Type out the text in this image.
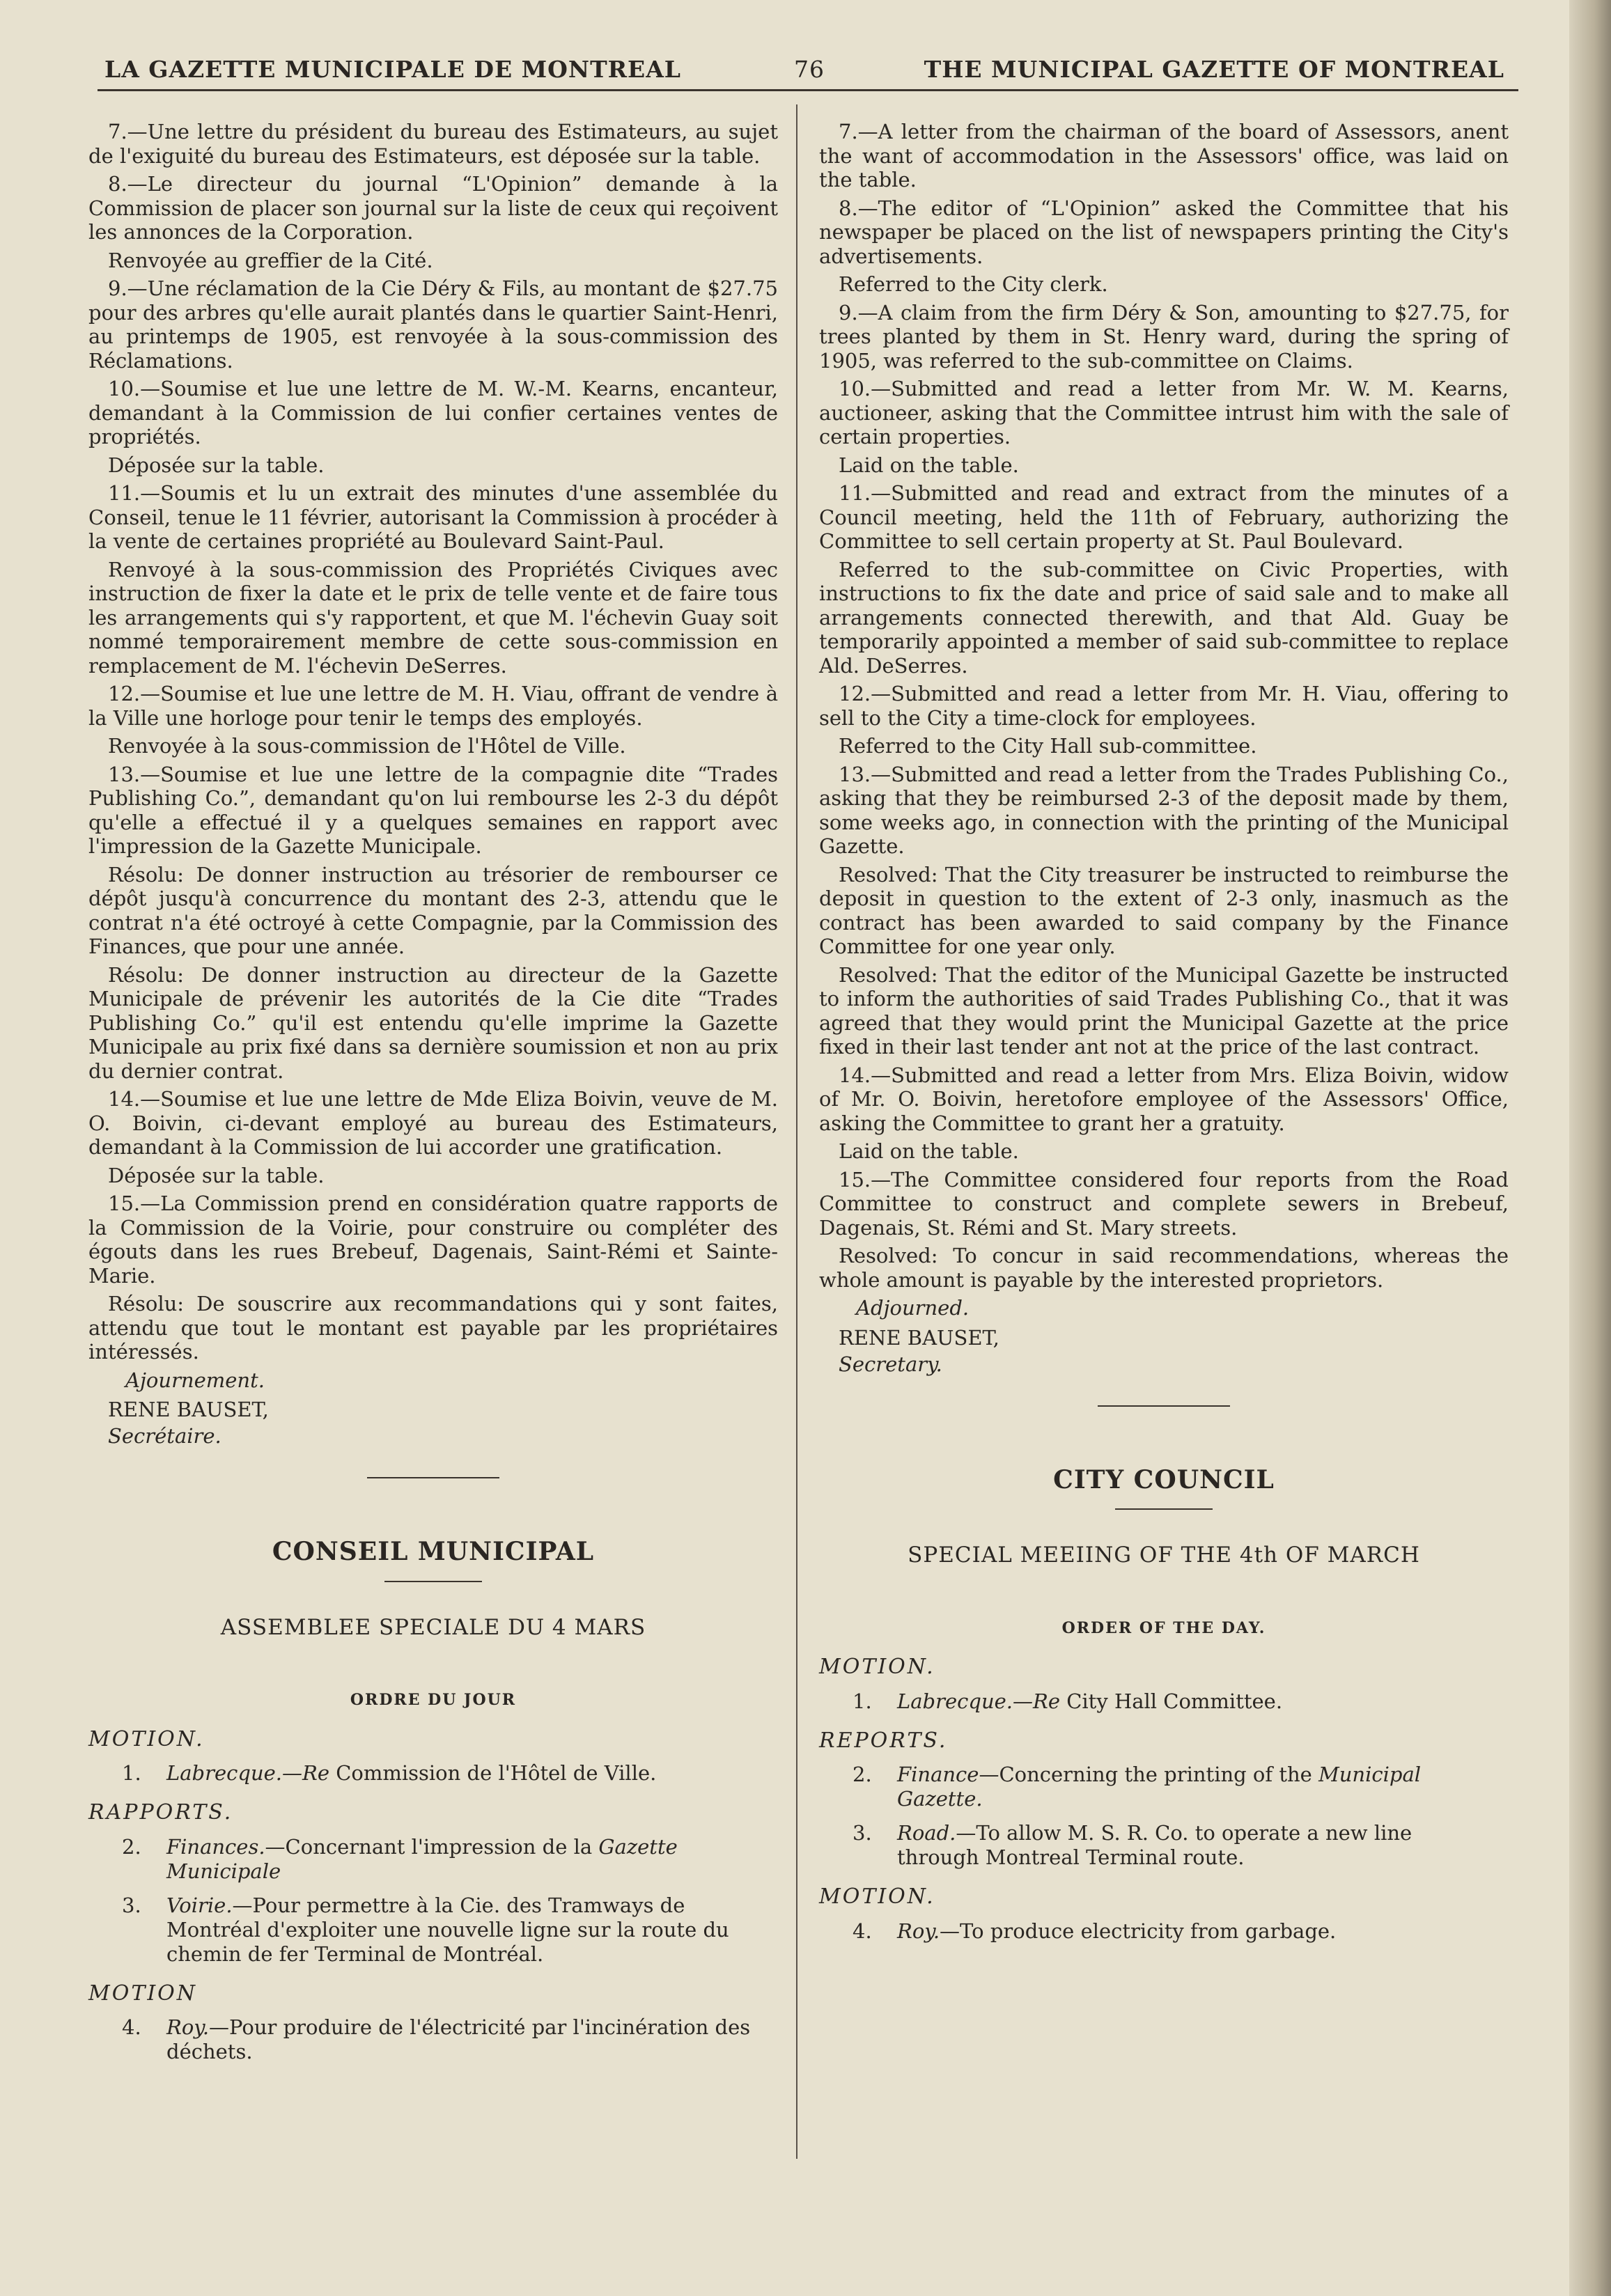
LA GAZETTE MUNICIPALE DE MONTREAL	76	THE MUNICIPAL GAZETTE OF MONTREAL

7.—Une lettre du président du bureau des Estimateurs, au sujet de l'exiguité du bureau des Estimateurs, est déposée sur la table.

8.—Le directeur du journal “L'Opinion” demande à la Commission de placer son journal sur la liste de ceux qui reçoivent les annonces de la Corporation.

Renvoyée au greffier de la Cité.

9.—Une réclamation de la Cie Déry & Fils, au montant de $27.75 pour des arbres qu'elle aurait plantés dans le quartier Saint-Henri, au printemps de 1905, est renvoyée à la sous-commission des Réclamations.

10.—Soumise et lue une lettre de M. W.-M. Kearns, encanteur, demandant à la Commission de lui confier certaines ventes de propriétés.

Déposée sur la table.

11.—Soumis et lu un extrait des minutes d'une assemblée du Conseil, tenue le 11 février, autorisant la Commission à procéder à la vente de certaines propriété au Boulevard Saint-Paul.

Renvoyé à la sous-commission des Propriétés Civiques avec instruction de fixer la date et le prix de telle vente et de faire tous les arrangements qui s'y rapportent, et que M. l'échevin Guay soit nommé temporairement membre de cette sous-commission en remplacement de M. l'échevin DeSerres.

12.—Soumise et lue une lettre de M. H. Viau, offrant de vendre à la Ville une horloge pour tenir le temps des employés.

Renvoyée à la sous-commission de l'Hôtel de Ville.

13.—Soumise et lue une lettre de la compagnie dite “Trades Publishing Co.”, demandant qu'on lui rembourse les 2-3 du dépôt qu'elle a effectué il y a quelques semaines en rapport avec l'impression de la Gazette Municipale.

Résolu: De donner instruction au trésorier de rembourser ce dépôt jusqu'à concurrence du montant des 2-3, attendu que le contrat n'a été octroyé à cette Compagnie, par la Commission des Finances, que pour une année.

Résolu: De donner instruction au directeur de la Gazette Municipale de prévenir les autorités de la Cie dite “Trades Publishing Co.” qu'il est entendu qu'elle imprime la Gazette Municipale au prix fixé dans sa dernière soumission et non au prix du dernier contrat.

14.—Soumise et lue une lettre de Mde Eliza Boivin, veuve de M. O. Boivin, ci-devant employé au bureau des Estimateurs, demandant à la Commission de lui accorder une gratification.

Déposée sur la table.

15.—La Commission prend en considération quatre rapports de la Commission de la Voirie, pour construire ou compléter des égouts dans les rues Brebeuf, Dagenais, Saint-Rémi et Sainte-Marie.

Résolu: De souscrire aux recommandations qui y sont faites, attendu que tout le montant est payable par les propriétaires intéressés.

Ajournement.

RENE BAUSET,
Secrétaire.

CONSEIL MUNICIPAL
ASSEMBLEE SPECIALE DU 4 MARS
ORDRE DU JOUR
MOTION.
1. Labrecque.—Re Commission de l'Hôtel de Ville.
RAPPORTS.
2. Finances.—Concernant l'impression de la Gazette Municipale
3. Voirie.—Pour permettre à la Cie. des Tramways de Montréal d'exploiter une nouvelle ligne sur la route du chemin de fer Terminal de Montréal.
MOTION
4. Roy.—Pour produire de l'électricité par l'incinération des déchets.

7.—A letter from the chairman of the board of Assessors, anent the want of accommodation in the Assessors' office, was laid on the table.

8.—The editor of “L'Opinion” asked the Committee that his newspaper be placed on the list of newspapers printing the City's advertisements.

Referred to the City clerk.

9.—A claim from the firm Déry & Son, amounting to $27.75, for trees planted by them in St. Henry ward, during the spring of 1905, was referred to the sub-committee on Claims.

10.—Submitted and read a letter from Mr. W. M. Kearns, auctioneer, asking that the Committee intrust him with the sale of certain properties.

Laid on the table.

11.—Submitted and read and extract from the minutes of a Council meeting, held the 11th of February, authorizing the Committee to sell certain property at St. Paul Boulevard.

Referred to the sub-committee on Civic Properties, with instructions to fix the date and price of said sale and to make all arrangements connected therewith, and that Ald. Guay be temporarily appointed a member of said sub-committee to replace Ald. DeSerres.

12.—Submitted and read a letter from Mr. H. Viau, offering to sell to the City a time-clock for employees.

Referred to the City Hall sub-committee.

13.—Submitted and read a letter from the Trades Publishing Co., asking that they be reimbursed 2-3 of the deposit made by them, some weeks ago, in connection with the printing of the Municipal Gazette.

Resolved: That the City treasurer be instructed to reimburse the deposit in question to the extent of 2-3 only, inasmuch as the contract has been awarded to said company by the Finance Committee for one year only.

Resolved: That the editor of the Municipal Gazette be instructed to inform the authorities of said Trades Publishing Co., that it was agreed that they would print the Municipal Gazette at the price fixed in their last tender ant not at the price of the last contract.

14.—Submitted and read a letter from Mrs. Eliza Boivin, widow of Mr. O. Boivin, heretofore employee of the Assessors' Office, asking the Committee to grant her a gratuity.

Laid on the table.

15.—The Committee considered four reports from the Road Committee to construct and complete sewers in Brebeuf, Dagenais, St. Rémi and St. Mary streets.

Resolved: To concur in said recommendations, whereas the whole amount is payable by the interested proprietors.

Adjourned.

RENE BAUSET,
Secretary.

CITY COUNCIL
SPECIAL MEEIING OF THE 4th OF MARCH
ORDER OF THE DAY.
MOTION.
1. Labrecque.—Re City Hall Committee.
REPORTS.
2. Finance—Concerning the printing of the Municipal Gazette.
3. Road.—To allow M. S. R. Co. to operate a new line through Montreal Terminal route.
MOTION.
4. Roy.—To produce electricity from garbage.
